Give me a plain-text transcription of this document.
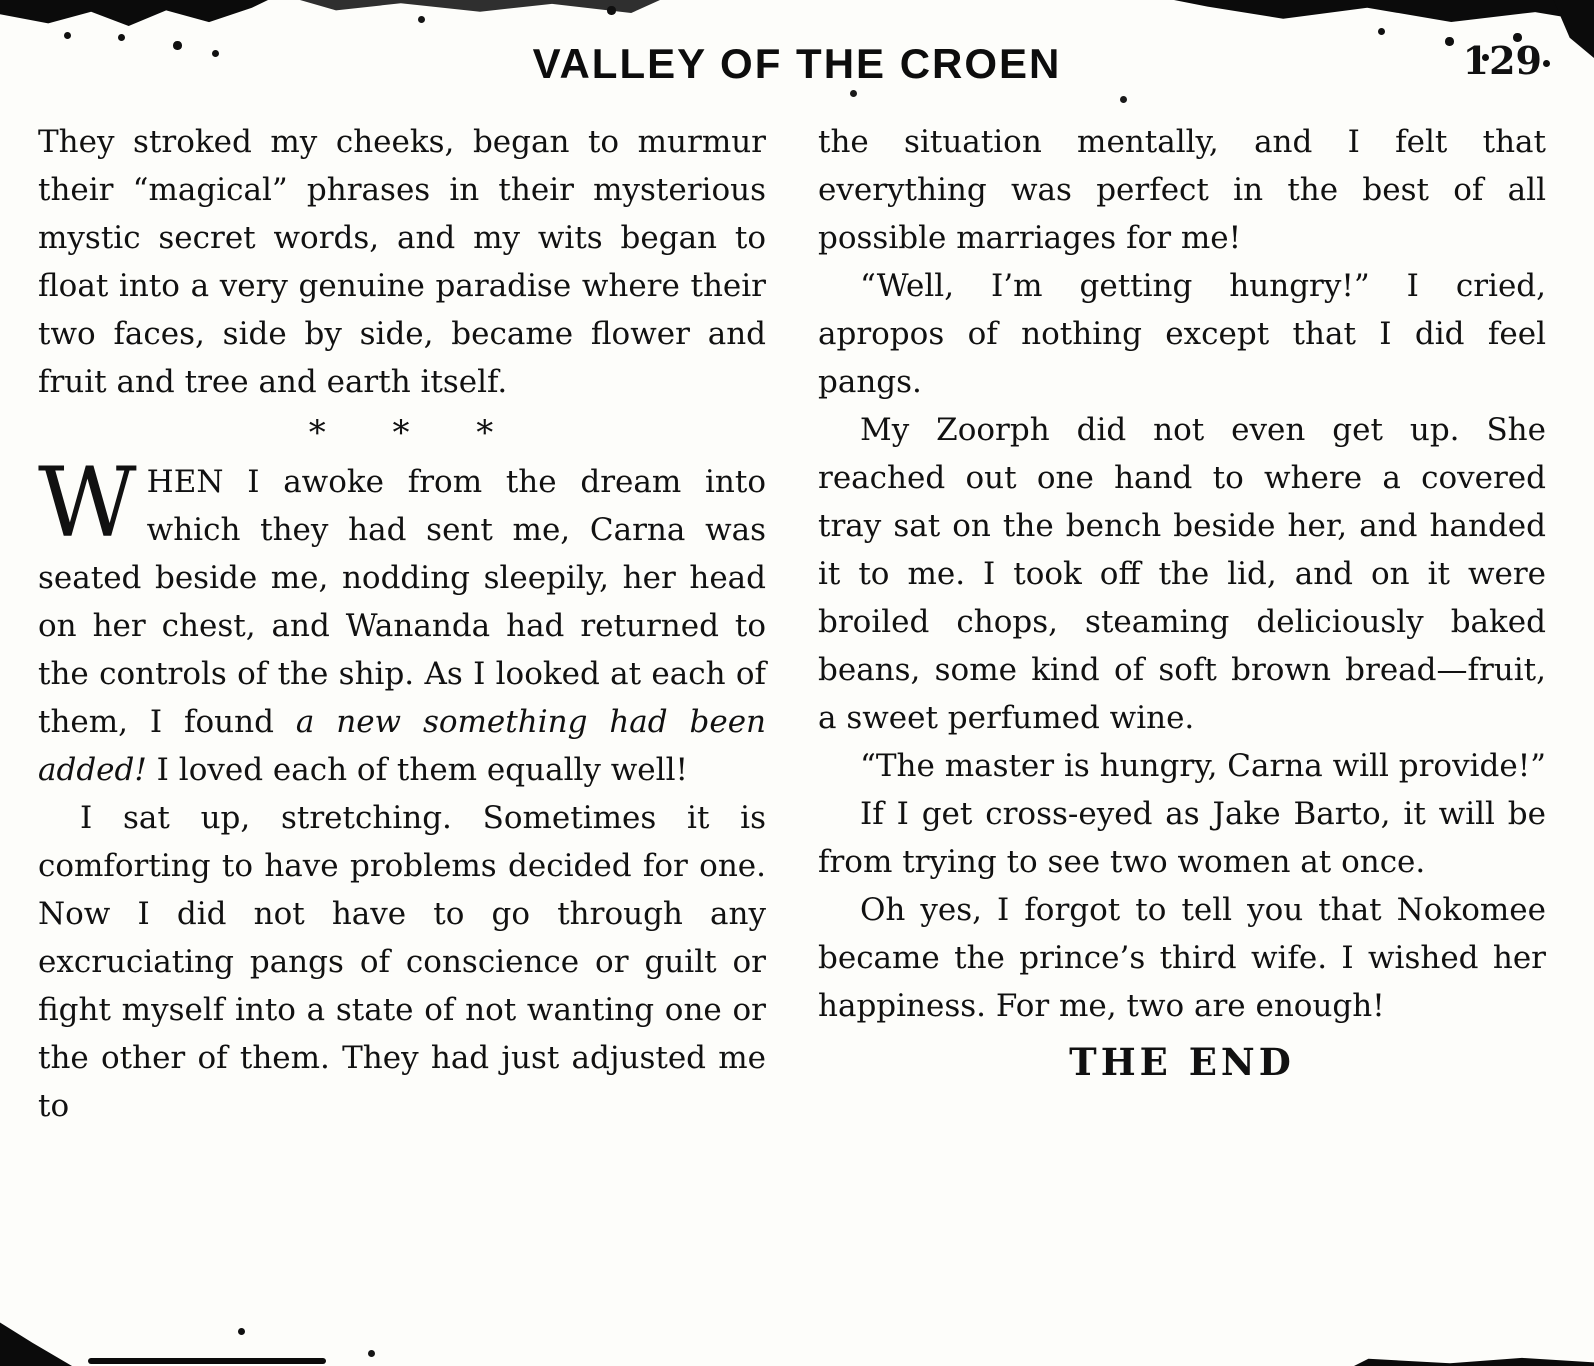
VALLEY OF THE CROEN	129

They stroked my cheeks, began to murmur their “magical” phrases in their mysterious mystic secret words, and my wits began to float into a very genuine paradise where their two faces, side by side, became flower and fruit and tree and earth itself.

* * *

WHEN I awoke from the dream into which they had sent me, Carna was seated beside me, nodding sleepily, her head on her chest, and Wananda had returned to the controls of the ship. As I looked at each of them, I found a new something had been added! I loved each of them equally well!

I sat up, stretching. Sometimes it is comforting to have problems decided for one. Now I did not have to go through any excruciating pangs of conscience or guilt or fight myself into a state of not wanting one or the other of them. They had just adjusted me to

the situation mentally, and I felt that everything was perfect in the best of all possible marriages for me!

“Well, I’m getting hungry!” I cried, apropos of nothing except that I did feel pangs.

My Zoorph did not even get up. She reached out one hand to where a covered tray sat on the bench beside her, and handed it to me. I took off the lid, and on it were broiled chops, steaming deliciously baked beans, some kind of soft brown bread—fruit, a sweet perfumed wine.

“The master is hungry, Carna will provide!”

If I get cross-eyed as Jake Barto, it will be from trying to see two women at once.

Oh yes, I forgot to tell you that Nokomee became the prince’s third wife. I wished her happiness. For me, two are enough!

THE END
